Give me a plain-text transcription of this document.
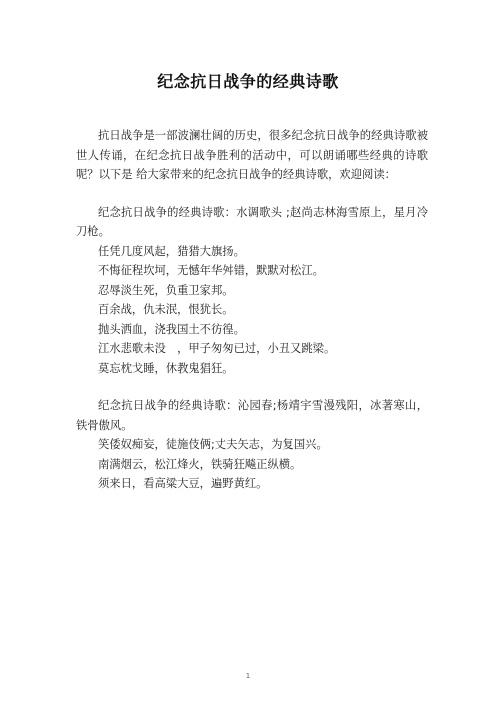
纪念抗日战争的经典诗歌

抗日战争是一部波澜壮阔的历史，很多纪念抗日战争的经典诗歌被世人传诵，在纪念抗日战争胜利的活动中，可以朗诵哪些经典的诗歌呢？以下是 给大家带来的纪念抗日战争的经典诗歌，欢迎阅读：

纪念抗日战争的经典诗歌：水调歌头 ;赵尚志林海雪原上，星月冷刀枪。

任凭几度风起，猎猎大旗扬。

不悔征程坎坷，无憾年华舛错，默默对松江。

忍辱淡生死，负重卫家邦。

百余战，仇未泯，恨犹长。

抛头洒血，浇我国土不彷徨。

江水悲歌未没　，甲子匆匆已过，小丑又跳梁。

莫忘枕戈睡，休教鬼猖狂。

纪念抗日战争的经典诗歌：沁园春;杨靖宇雪漫残阳，冰著寒山，铁骨傲风。

笑倭奴痴妄，徒施伎俩;丈夫矢志，为复国兴。

南满烟云，松江烽火，铁骑狂飚正纵横。

须来日，看高粱大豆，遍野黄红。

1
